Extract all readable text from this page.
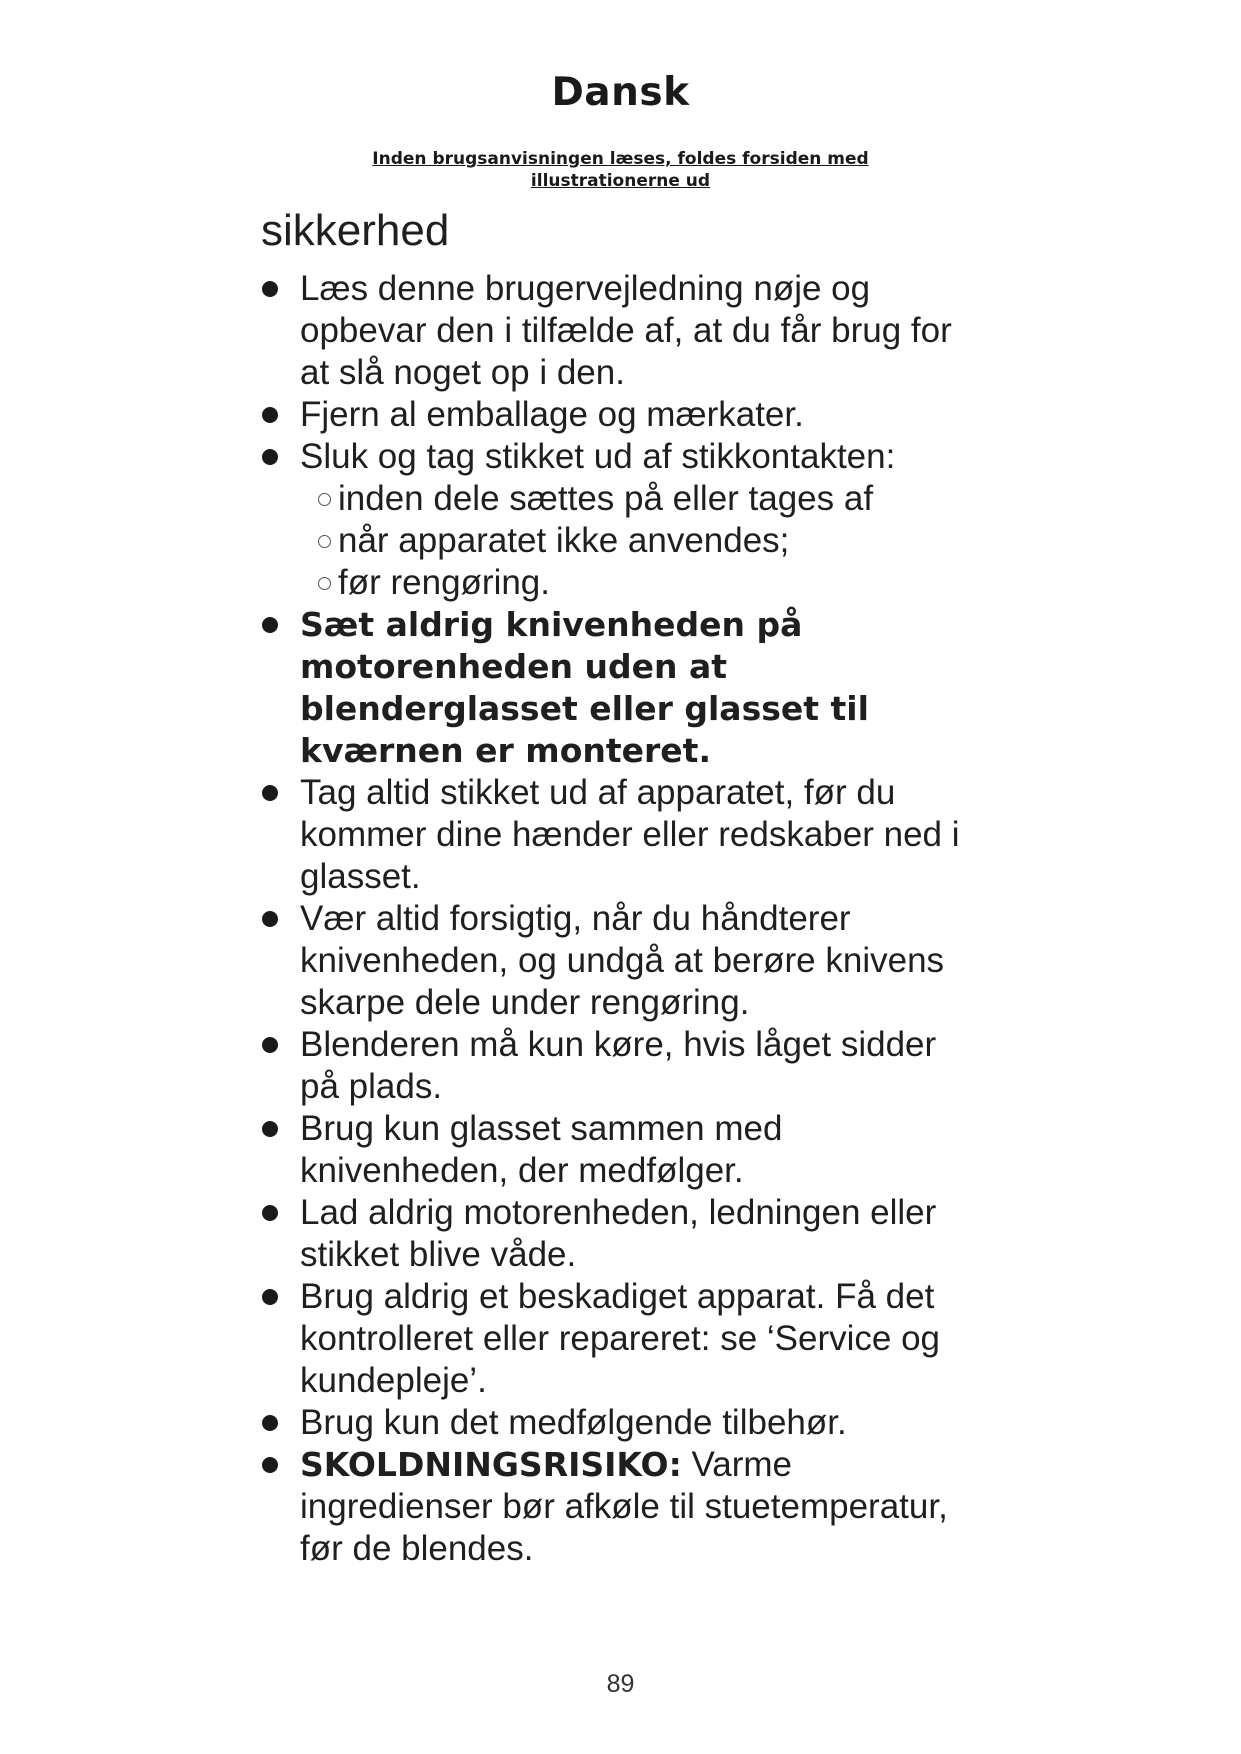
Dansk
Inden brugsanvisningen læses, foldes forsiden med
illustrationerne ud
sikkerhed
Læs denne brugervejledning nøje og opbevar den i tilfælde af, at du får brug for at slå noget op i den.
Fjern al emballage og mærkater.
Sluk og tag stikket ud af stikkontakten:
inden dele sættes på eller tages af
når apparatet ikke anvendes;
før rengøring.
Sæt aldrig knivenheden på motorenheden uden at blenderglasset eller glasset til kværnen er monteret.
Tag altid stikket ud af apparatet, før du kommer dine hænder eller redskaber ned i glasset.
Vær altid forsigtig, når du håndterer knivenheden, og undgå at berøre knivens skarpe dele under rengøring.
Blenderen må kun køre, hvis låget sidder på plads.
Brug kun glasset sammen med knivenheden, der medfølger.
Lad aldrig motorenheden, ledningen eller stikket blive våde.
Brug aldrig et beskadiget apparat. Få det kontrolleret eller repareret: se ‘Service og kundepleje’.
Brug kun det medfølgende tilbehør.
SKOLDNINGSRISIKO: Varme ingredienser bør afkøle til stuetemperatur, før de blendes.
89
